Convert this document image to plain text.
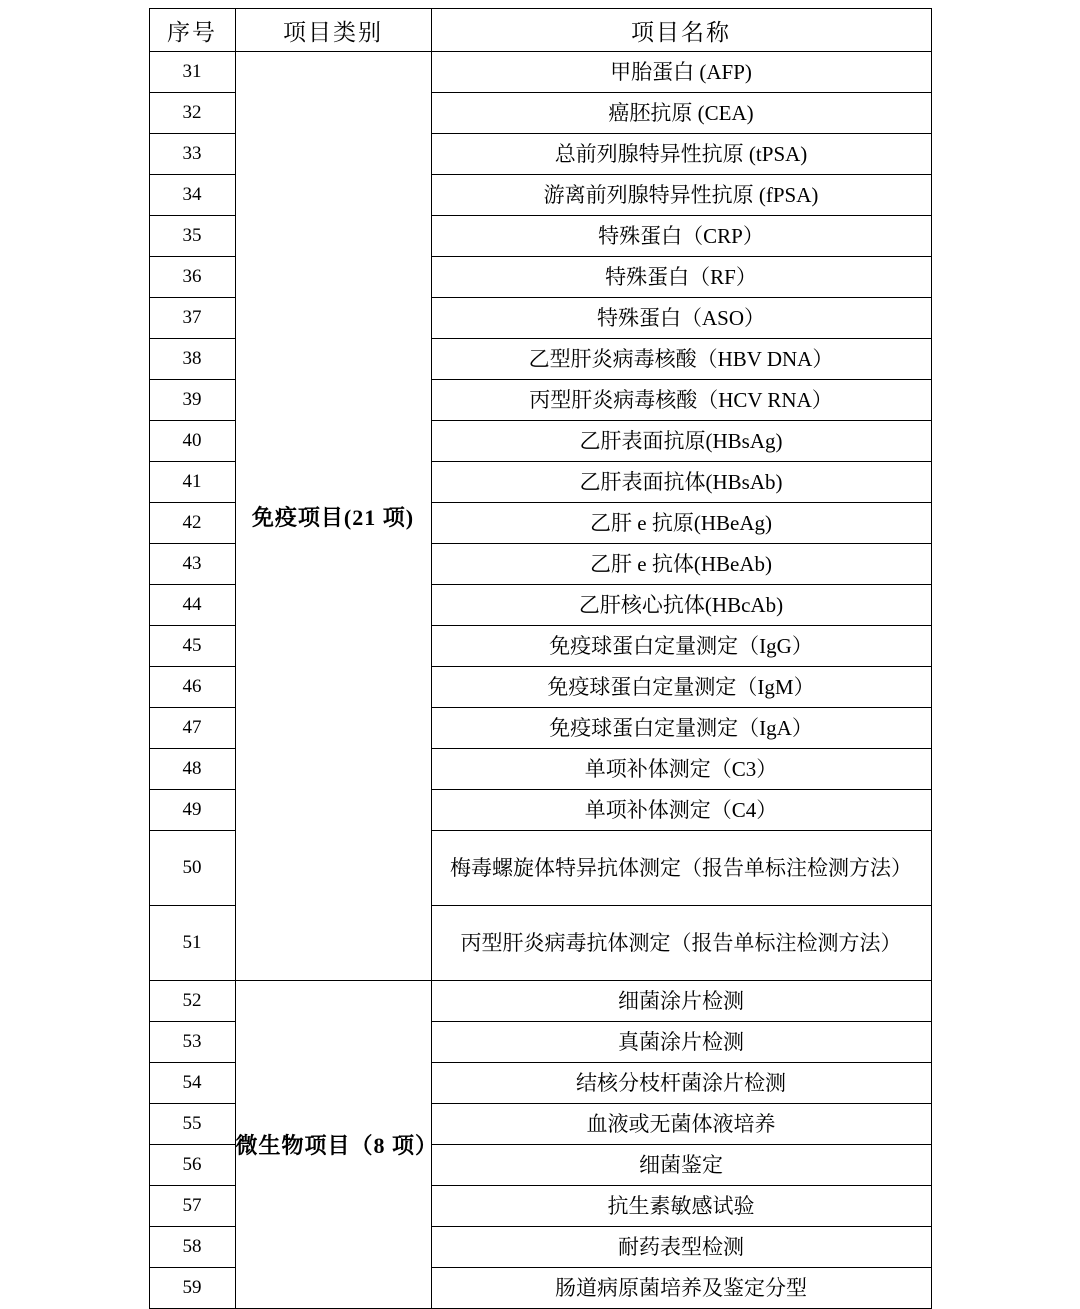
序号	项目类别	项目名称
31	免疫项目(21 项)	甲胎蛋白 (AFP)
32		癌胚抗原 (CEA)
33		总前列腺特异性抗原 (tPSA)
34		游离前列腺特异性抗原 (fPSA)
35		特殊蛋白（CRP）
36		特殊蛋白（RF）
37		特殊蛋白（ASO）
38		乙型肝炎病毒核酸（HBV DNA）
39		丙型肝炎病毒核酸（HCV RNA）
40		乙肝表面抗原(HBsAg)
41		乙肝表面抗体(HBsAb)
42		乙肝 e 抗原(HBeAg)
43		乙肝 e 抗体(HBeAb)
44		乙肝核心抗体(HBcAb)
45		免疫球蛋白定量测定（IgG）
46		免疫球蛋白定量测定（IgM）
47		免疫球蛋白定量测定（IgA）
48		单项补体测定（C3）
49		单项补体测定（C4）
50		梅毒螺旋体特异抗体测定（报告单标注检测方法）
51		丙型肝炎病毒抗体测定（报告单标注检测方法）
52	微生物项目（8 项）	细菌涂片检测
53		真菌涂片检测
54		结核分枝杆菌涂片检测
55		血液或无菌体液培养
56		细菌鉴定
57		抗生素敏感试验
58		耐药表型检测
59		肠道病原菌培养及鉴定分型
